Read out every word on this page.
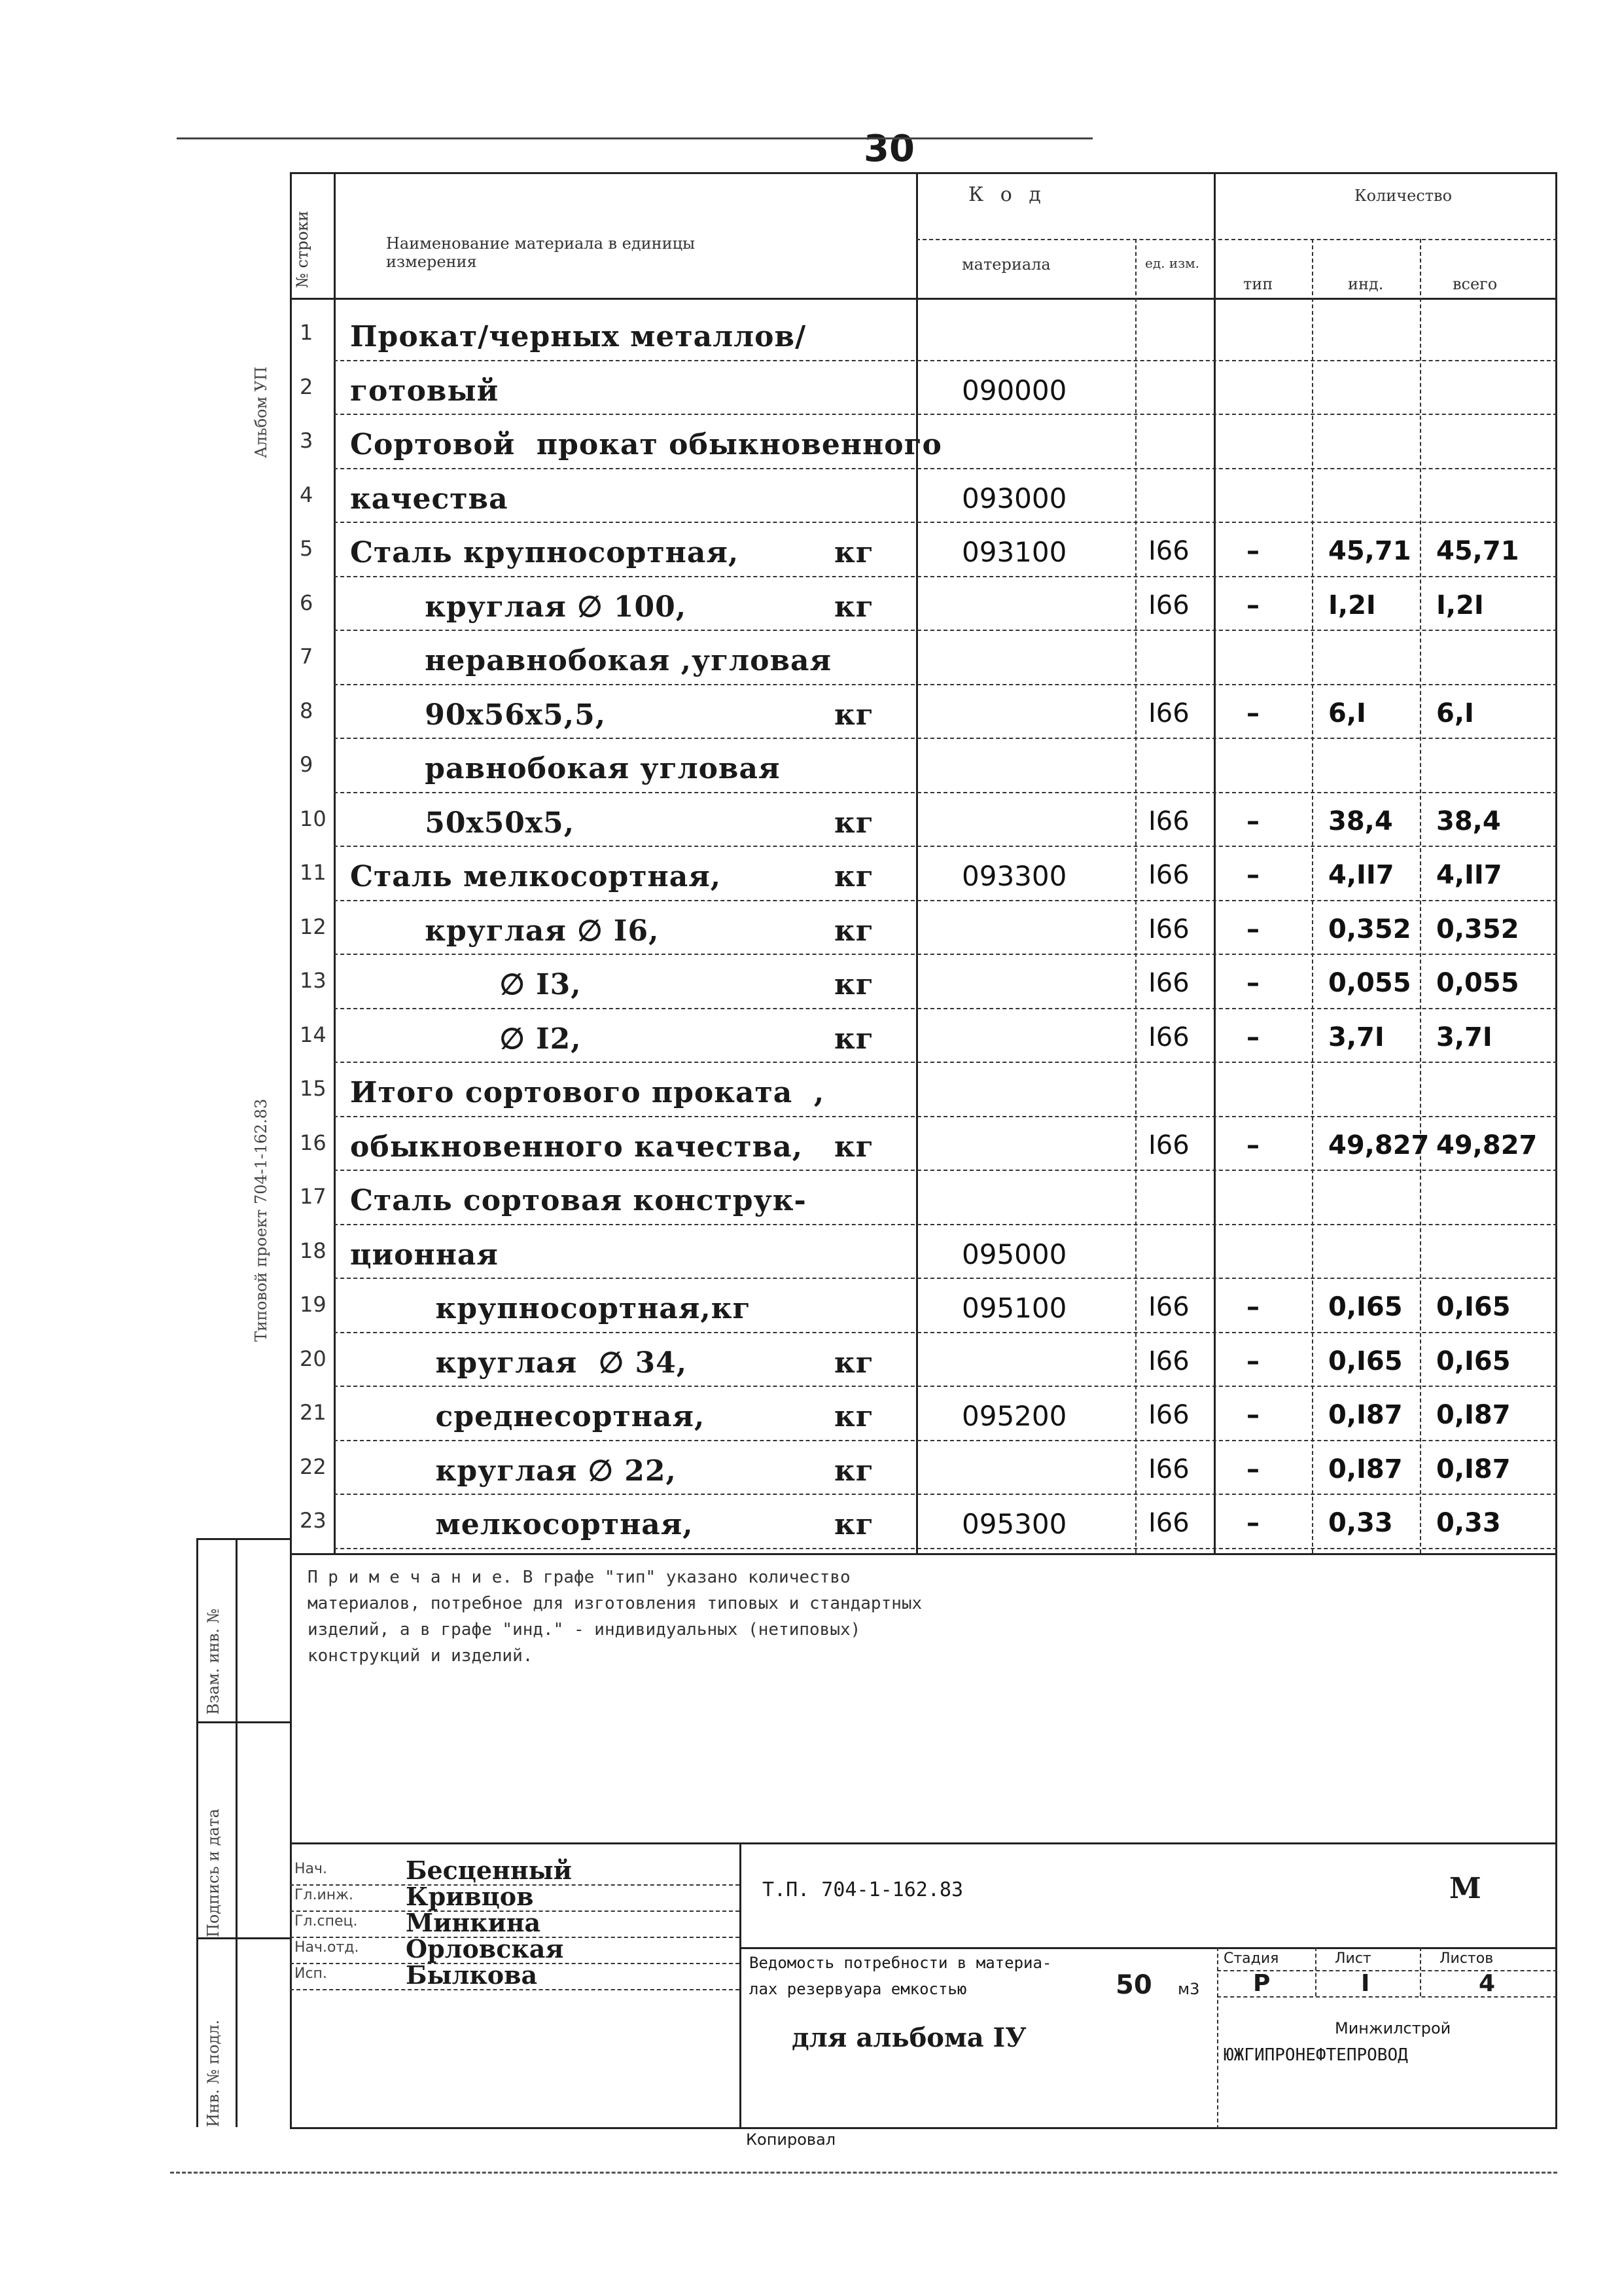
30
Альбом УП
Типовой проект 704-1-162.83
Взам. инв. №
Подпись и дата
Инв. № подл.
№ строки	Наименование материала в единицы измерения
К о д
материала	ед. изм.
Количество
тип	инд.	всего
1 Прокат/черных металлов/
2 готовый	090000
3 Сортовой  прокат обыкновенного
4 качества	093000
5 Сталь крупносортная,	кг	093100	I66 –	45,71 45,71
6 круглая ∅ 100,	кг	I66 –	I,2I I,2I
7 неравнобокая ,угловая
8 90х56х5,5,	кг	I66 –	6,I	6,I
9 равнобокая угловая
10 50х50х5,	кг	I66 –	38,4 38,4
11 Сталь мелкосортная,	кг	093300	I66 –	4,II7 4,II7
12 круглая ∅ I6,	кг	I66 –	0,352 0,352
13 ∅ I3,	кг	I66 –	0,055 0,055
14 ∅ I2,	кг	I66 –	3,7I 3,7I
15 Итого сортового проката  ,
16 обыкновенного качества, кг	I66 –	49,827 49,827
17 Сталь сортовая конструк-
18 ционная	095000
19 крупносортная,кг	095100	I66 –	0,I65 0,I65
20 круглая  ∅ 34,	кг	I66 –	0,I65 0,I65
21 среднесортная,	кг	095200	I66 –	0,I87 0,I87
22 круглая ∅ 22,	кг	I66 –	0,I87 0,I87
23 мелкосортная,	кг	095300	I66 –	0,33 0,33
П р и м е ч а н и е. В графе "тип" указано количество материалов, потребное для изготовления типовых и стандартных изделий, а в графе "инд." - индивидуальных (нетиповых) конструкций и изделий.
Нач.	Бесценный
Гл.инж. Кривцов
Гл.спец. Минкина
Нач.отд. Орловская
Исп.	Былкова
Т.П. 704-1-162.83	М
Ведомость потребности в материа-
лах резервуара емкостью	50 м3
для альбома IУ
Стадия	Лист	Листов
Р	I	4
Минжилстрой
ЮЖГИПРОНЕФТЕПРОВОД
Копировал
